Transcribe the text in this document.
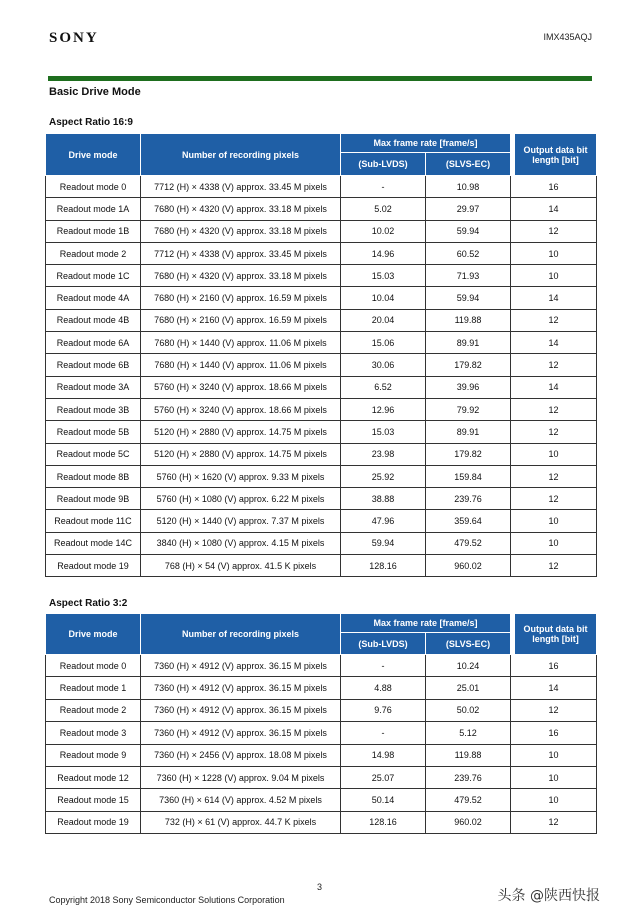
SONY	IMX435AQJ
Basic Drive Mode
Aspect Ratio 16:9
Drive mode	Number of recording pixels	Max frame rate [frame/s]			Output data bit length [bit]
		(Sub-LVDS)	(SLVS-EC)		
Readout mode 0	7712 (H) × 4338 (V) approx. 33.45 M pixels	-	10.98	16	
Readout mode 1A	7680 (H) × 4320 (V) approx. 33.18 M pixels	5.02	29.97	14	
Readout mode 1B	7680 (H) × 4320 (V) approx. 33.18 M pixels	10.02	59.94	12	
Readout mode 2	7712 (H) × 4338 (V) approx. 33.45 M pixels	14.96	60.52	10	
Readout mode 1C	7680 (H) × 4320 (V) approx. 33.18 M pixels	15.03	71.93	10	
Readout mode 4A	7680 (H) × 2160 (V) approx. 16.59 M pixels	10.04	59.94	14	
Readout mode 4B	7680 (H) × 2160 (V) approx. 16.59 M pixels	20.04	119.88	12	
Readout mode 6A	7680 (H) × 1440 (V) approx. 11.06 M pixels	15.06	89.91	14	
Readout mode 6B	7680 (H) × 1440 (V) approx. 11.06 M pixels	30.06	179.82	12	
Readout mode 3A	5760 (H) × 3240 (V) approx. 18.66 M pixels	6.52	39.96	14	
Readout mode 3B	5760 (H) × 3240 (V) approx. 18.66 M pixels	12.96	79.92	12	
Readout mode 5B	5120 (H) × 2880 (V) approx. 14.75 M pixels	15.03	89.91	12	
Readout mode 5C	5120 (H) × 2880 (V) approx. 14.75 M pixels	23.98	179.82	10	
Readout mode 8B	5760 (H) × 1620 (V) approx. 9.33 M pixels	25.92	159.84	12	
Readout mode 9B	5760 (H) × 1080 (V) approx. 6.22 M pixels	38.88	239.76	12	
Readout mode 11C	5120 (H) × 1440 (V) approx. 7.37 M pixels	47.96	359.64	10	
Readout mode 14C	3840 (H) × 1080 (V) approx. 4.15 M pixels	59.94	479.52	10	
Readout mode 19	768 (H) × 54 (V) approx. 41.5 K pixels	128.16	960.02	12	
Aspect Ratio 3:2
Drive mode	Number of recording pixels	Max frame rate [frame/s]			Output data bit length [bit]
		(Sub-LVDS)	(SLVS-EC)		
Readout mode 0	7360 (H) × 4912 (V) approx. 36.15 M pixels	-	10.24	16	
Readout mode 1	7360 (H) × 4912 (V) approx. 36.15 M pixels	4.88	25.01	14	
Readout mode 2	7360 (H) × 4912 (V) approx. 36.15 M pixels	9.76	50.02	12	
Readout mode 3	7360 (H) × 4912 (V) approx. 36.15 M pixels	-	5.12	16	
Readout mode 9	7360 (H) × 2456 (V) approx. 18.08 M pixels	14.98	119.88	10	
Readout mode 12	7360 (H) × 1228 (V) approx. 9.04 M pixels	25.07	239.76	10	
Readout mode 15	7360 (H) × 614 (V) approx. 4.52 M pixels	50.14	479.52	10	
Readout mode 19	732 (H) × 61 (V) approx. 44.7 K pixels	128.16	960.02	12	
3
Copyright 2018 Sony Semiconductor Solutions Corporation	头条 @陕西快报
